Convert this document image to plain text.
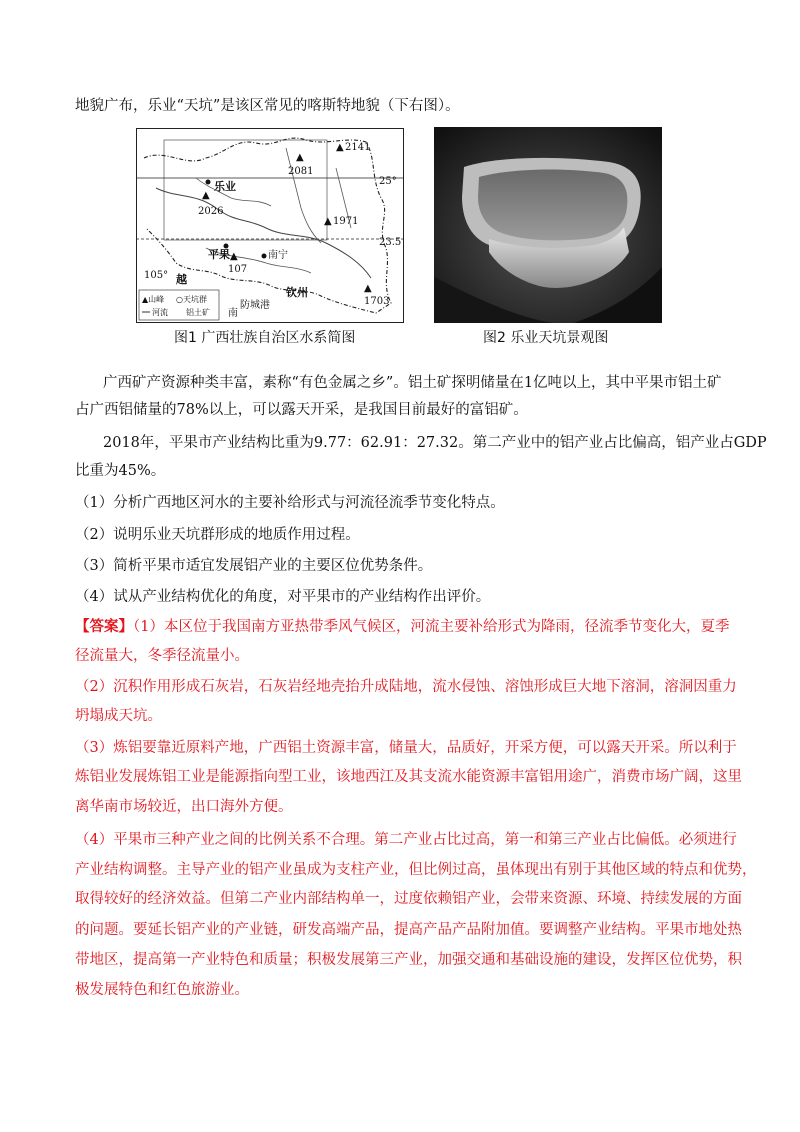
地貌广布，乐业“天坑”是该区常见的喀斯特地貌（下右图）。
▲ 2141
▲
2081
▲
2026
▲ 1971
▲
107
▲
1703
乐业
平果	南宁
钦州
防城港
越
南
105°
25°
23.5
▲山峰 ○天坑群
河流 铝土矿
图1 广西壮族自治区水系简图	图2 乐业天坑景观图
广西矿产资源种类丰富，素称“有色金属之乡”。铝土矿探明储量在1亿吨以上，其中平果市铝土矿
占广西铝储量的78%以上，可以露天开采，是我国目前最好的富铝矿。
2018年，平果市产业结构比重为9.77：62.91：27.32。第二产业中的铝产业占比偏高，铝产业占GDP
比重为45%。
（1）分析广西地区河水的主要补给形式与河流径流季节变化特点。
（2）说明乐业天坑群形成的地质作用过程。
（3）简析平果市适宜发展铝产业的主要区位优势条件。
（4）试从产业结构优化的角度，对平果市的产业结构作出评价。
【答案】（1）本区位于我国南方亚热带季风气候区，河流主要补给形式为降雨，径流季节变化大，夏季
径流量大，冬季径流量小。
（2）沉积作用形成石灰岩，石灰岩经地壳抬升成陆地，流水侵蚀、溶蚀形成巨大地下溶洞，溶洞因重力
坍塌成天坑。
（3）炼铝要靠近原料产地，广西铝土资源丰富，储量大，品质好，开采方便，可以露天开采。所以利于
炼铝业发展炼铝工业是能源指向型工业，该地西江及其支流水能资源丰富铝用途广，消费市场广阔，这里
离华南市场较近，出口海外方便。
（4）平果市三种产业之间的比例关系不合理。第二产业占比过高，第一和第三产业占比偏低。必须进行
产业结构调整。主导产业的铝产业虽成为支柱产业，但比例过高，虽体现出有别于其他区域的特点和优势，
取得较好的经济效益。但第二产业内部结构单一，过度依赖铝产业，会带来资源、环境、持续发展的方面
的问题。要延长铝产业的产业链，研发高端产品，提高产品产品附加值。要调整产业结构。平果市地处热
带地区，提高第一产业特色和质量；积极发展第三产业，加强交通和基础设施的建设，发挥区位优势，积
极发展特色和红色旅游业。
